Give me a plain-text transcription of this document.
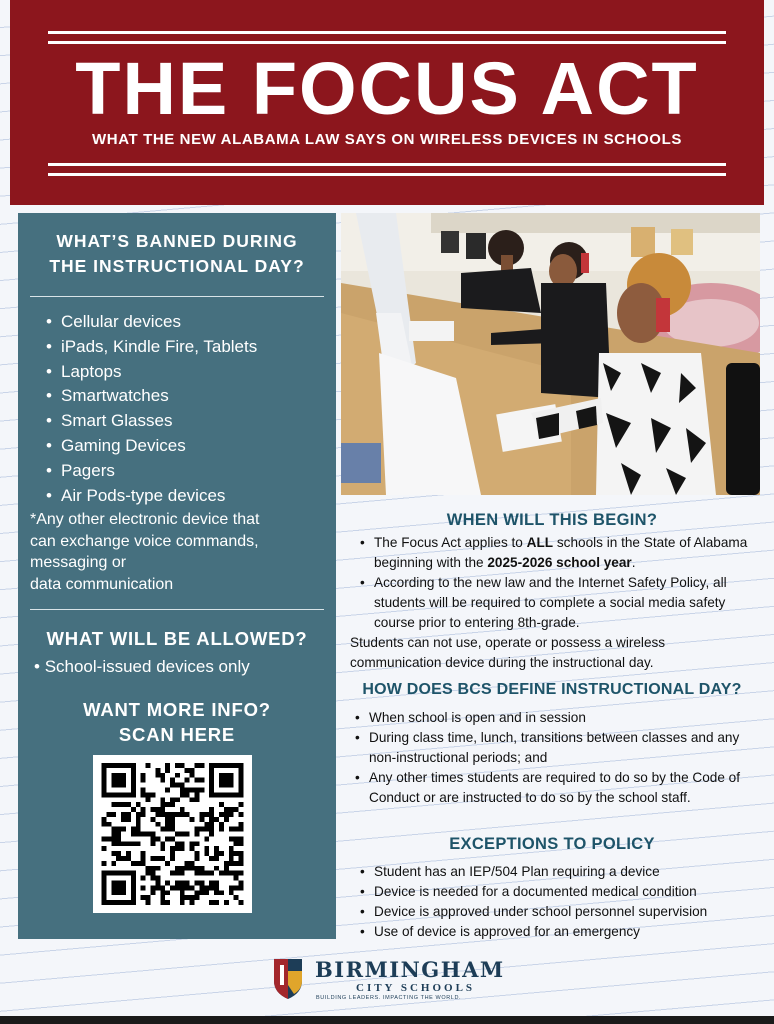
THE FOCUS ACT
WHAT THE NEW ALABAMA LAW SAYS ON WIRELESS DEVICES IN SCHOOLS
WHAT’S BANNED DURING
THE INSTRUCTIONAL DAY?
• Cellular devices
• iPads, Kindle Fire, Tablets
• Laptops
• Smartwatches
• Smart Glasses
• Gaming Devices
• Pagers
• Air Pods-type devices
*Any other electronic device that
can exchange voice commands,
messaging or
data communication
WHAT WILL BE ALLOWED?
• School-issued devices only
WANT MORE INFO?
SCAN HERE
WHEN WILL THIS BEGIN?
• The Focus Act applies to ALL schools in the State of Alabama beginning with the 2025-2026 school year.
• According to the new law and the Internet Safety Policy, all students will be required to complete a social media safety course prior to entering 8th-grade.
Students can not use, operate or possess a wireless communication device during the instructional day.
HOW DOES BCS DEFINE INSTRUCTIONAL DAY?
• When school is open and in session
• During class time, lunch, transitions between classes and any non-instructional periods; and
• Any other times students are required to do so by the Code of Conduct or are instructed to do so by the school staff.
EXCEPTIONS TO POLICY
• Student has an IEP/504 Plan requiring a device
• Device is needed for a documented medical condition
• Device is approved under school personnel supervision
• Use of device is approved for an emergency
BIRMINGHAM
CITY SCHOOLS
BUILDING LEADERS. IMPACTING THE WORLD.
